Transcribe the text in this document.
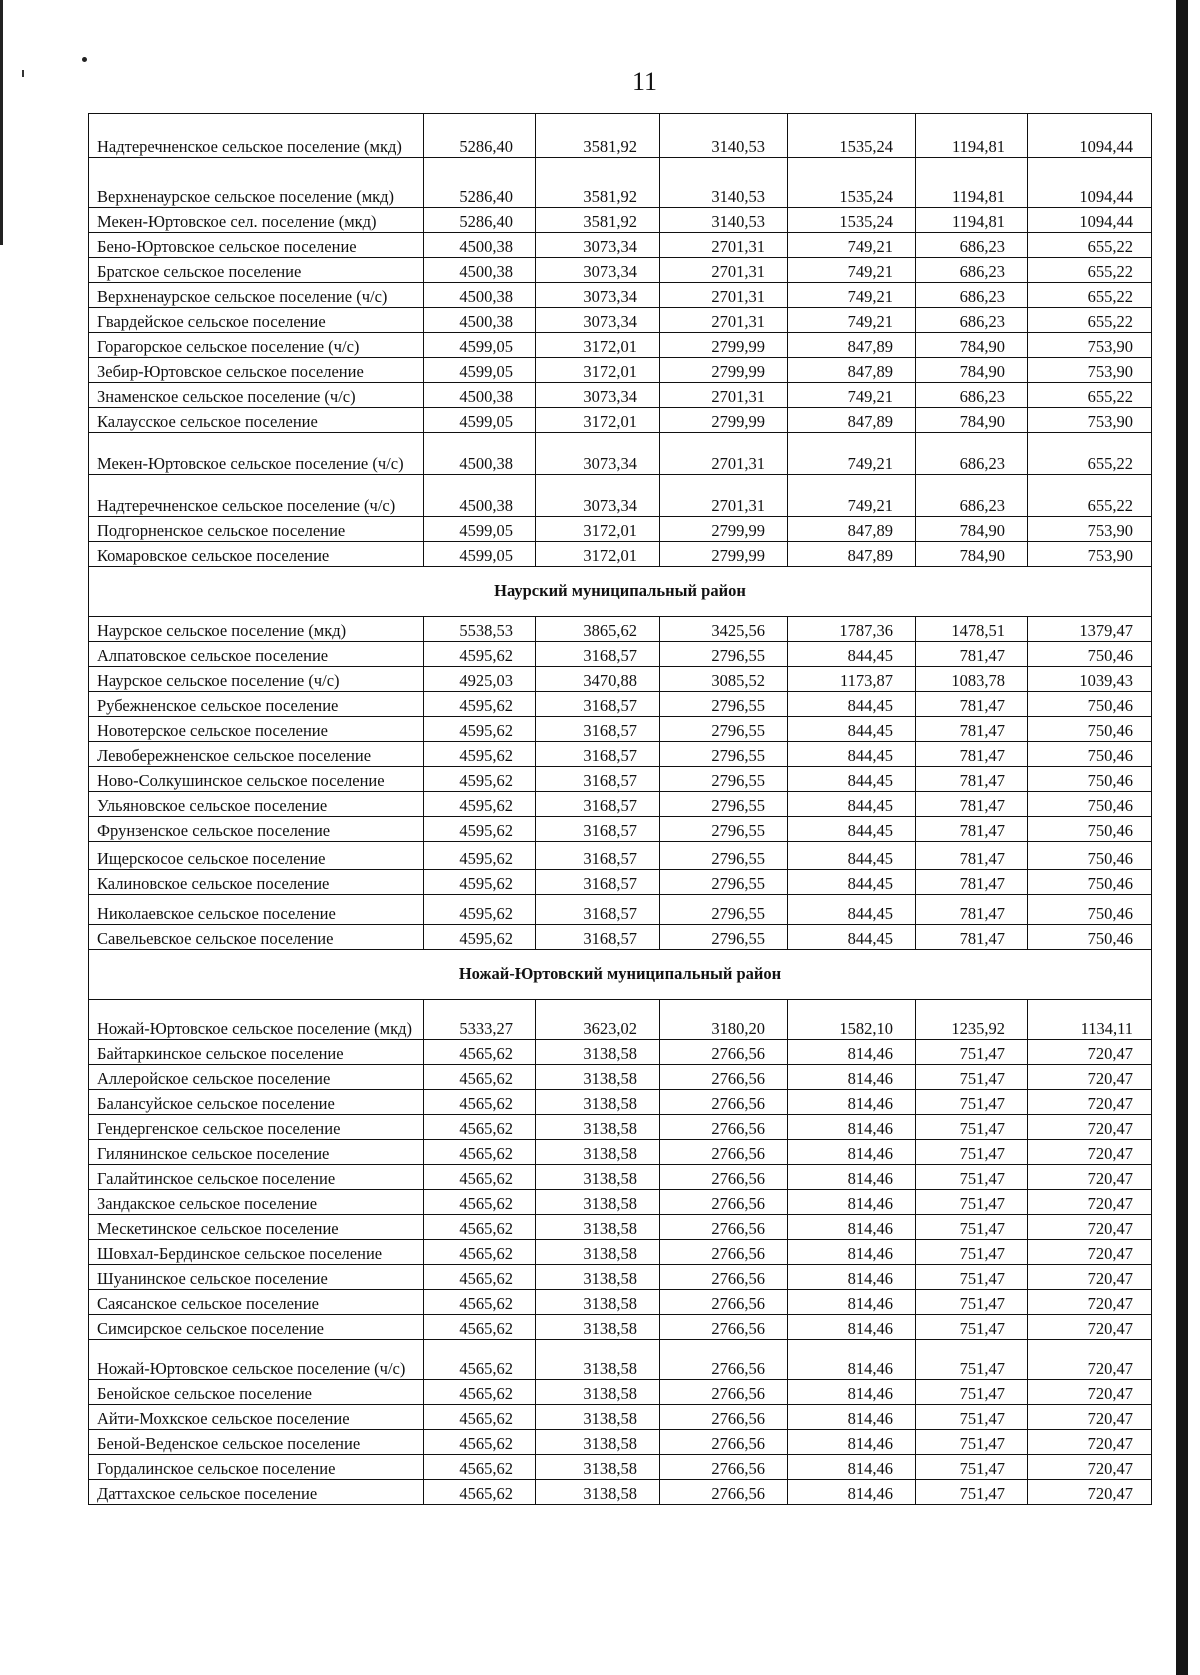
11
Надтеречненское сельское поселение (мкд)	5286,40	3581,92	3140,53	1535,24	1194,81	1094,44
Верхненаурское сельское поселение (мкд)	5286,40	3581,92	3140,53	1535,24	1194,81	1094,44
Мекен-Юртовское сел. поселение (мкд)	5286,40	3581,92	3140,53	1535,24	1194,81	1094,44
Бено-Юртовское сельское поселение	4500,38	3073,34	2701,31	749,21	686,23	655,22
Братское сельское поселение	4500,38	3073,34	2701,31	749,21	686,23	655,22
Верхненаурское сельское поселение (ч/с)	4500,38	3073,34	2701,31	749,21	686,23	655,22
Гвардейское сельское поселение	4500,38	3073,34	2701,31	749,21	686,23	655,22
Горагорское сельское поселение (ч/с)	4599,05	3172,01	2799,99	847,89	784,90	753,90
Зебир-Юртовское сельское поселение	4599,05	3172,01	2799,99	847,89	784,90	753,90
Знаменское сельское поселение (ч/с)	4500,38	3073,34	2701,31	749,21	686,23	655,22
Калаусское сельское поселение	4599,05	3172,01	2799,99	847,89	784,90	753,90
Мекен-Юртовское сельское поселение (ч/с)	4500,38	3073,34	2701,31	749,21	686,23	655,22
Надтеречненское сельское поселение (ч/с)	4500,38	3073,34	2701,31	749,21	686,23	655,22
Подгорненское сельское поселение	4599,05	3172,01	2799,99	847,89	784,90	753,90
Комаровское сельское поселение	4599,05	3172,01	2799,99	847,89	784,90	753,90
Наурский муниципальный район						
Наурское сельское поселение (мкд)	5538,53	3865,62	3425,56	1787,36	1478,51	1379,47
Алпатовское сельское поселение	4595,62	3168,57	2796,55	844,45	781,47	750,46
Наурское сельское поселение (ч/с)	4925,03	3470,88	3085,52	1173,87	1083,78	1039,43
Рубежненское сельское поселение	4595,62	3168,57	2796,55	844,45	781,47	750,46
Новотерское сельское поселение	4595,62	3168,57	2796,55	844,45	781,47	750,46
Левобережненское сельское поселение	4595,62	3168,57	2796,55	844,45	781,47	750,46
Ново-Солкушинское сельское поселение	4595,62	3168,57	2796,55	844,45	781,47	750,46
Ульяновское сельское поселение	4595,62	3168,57	2796,55	844,45	781,47	750,46
Фрунзенское сельское поселение	4595,62	3168,57	2796,55	844,45	781,47	750,46
Ищерскосое сельское поселение	4595,62	3168,57	2796,55	844,45	781,47	750,46
Калиновское сельское поселение	4595,62	3168,57	2796,55	844,45	781,47	750,46
Николаевское сельское поселение	4595,62	3168,57	2796,55	844,45	781,47	750,46
Савельевское сельское поселение	4595,62	3168,57	2796,55	844,45	781,47	750,46
Ножай-Юртовский муниципальный район						
Ножай-Юртовское сельское поселение (мкд)	5333,27	3623,02	3180,20	1582,10	1235,92	1134,11
Байтаркинское сельское поселение	4565,62	3138,58	2766,56	814,46	751,47	720,47
Аллеройское сельское поселение	4565,62	3138,58	2766,56	814,46	751,47	720,47
Балансуйское сельское поселение	4565,62	3138,58	2766,56	814,46	751,47	720,47
Гендергенское сельское поселение	4565,62	3138,58	2766,56	814,46	751,47	720,47
Гилянинское сельское поселение	4565,62	3138,58	2766,56	814,46	751,47	720,47
Галайтинское сельское поселение	4565,62	3138,58	2766,56	814,46	751,47	720,47
Зандакское сельское поселение	4565,62	3138,58	2766,56	814,46	751,47	720,47
Мескетинское сельское поселение	4565,62	3138,58	2766,56	814,46	751,47	720,47
Шовхал-Бердинское сельское поселение	4565,62	3138,58	2766,56	814,46	751,47	720,47
Шуанинское сельское поселение	4565,62	3138,58	2766,56	814,46	751,47	720,47
Саясанское сельское поселение	4565,62	3138,58	2766,56	814,46	751,47	720,47
Симсирское сельское поселение	4565,62	3138,58	2766,56	814,46	751,47	720,47
Ножай-Юртовское сельское поселение (ч/с)	4565,62	3138,58	2766,56	814,46	751,47	720,47
Бенойское сельское поселение	4565,62	3138,58	2766,56	814,46	751,47	720,47
Айти-Мохкское сельское поселение	4565,62	3138,58	2766,56	814,46	751,47	720,47
Беной-Веденское сельское поселение	4565,62	3138,58	2766,56	814,46	751,47	720,47
Гордалинское сельское поселение	4565,62	3138,58	2766,56	814,46	751,47	720,47
Даттахское сельское поселение	4565,62	3138,58	2766,56	814,46	751,47	720,47
